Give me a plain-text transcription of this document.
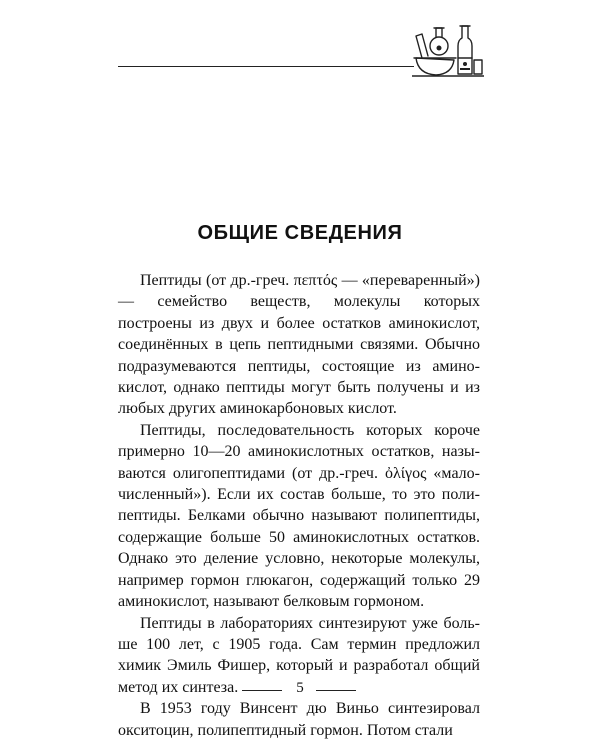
ОБЩИЕ СВЕДЕНИЯ

Пептиды (от др.-греч. πεπτός — «переваренный») — семейство веществ, молекулы которых построены из двух и более остатков аминокислот, соединённых в цепь пептидными связями. Обычно подразумеваются пептиды, состоящие из аминокислот, однако пептиды могут быть получены и из любых других аминокарбоновых кислот.

Пептиды, последовательность которых короче примерно 10—20 аминокислотных остатков, называются олигопептидами (от др.-греч. ὀλίγος «малочисленный»). Если их состав больше, то это полипептиды. Белками обычно называют полипептиды, содержащие больше 50 аминокислотных остатков. Однако это деление условно, некоторые молекулы, например гормон глюкагон, содержащий только 29 аминокислот, называют белковым гормоном.

Пептиды в лабораториях синтезируют уже больше 100 лет, с 1905 года. Сам термин предложил химик Эмиль Фишер, который и разработал общий метод их синтеза.

В 1953 году Винсент дю Виньо синтезировал окситоцин, полипептидный гормон. Потом стали

5
